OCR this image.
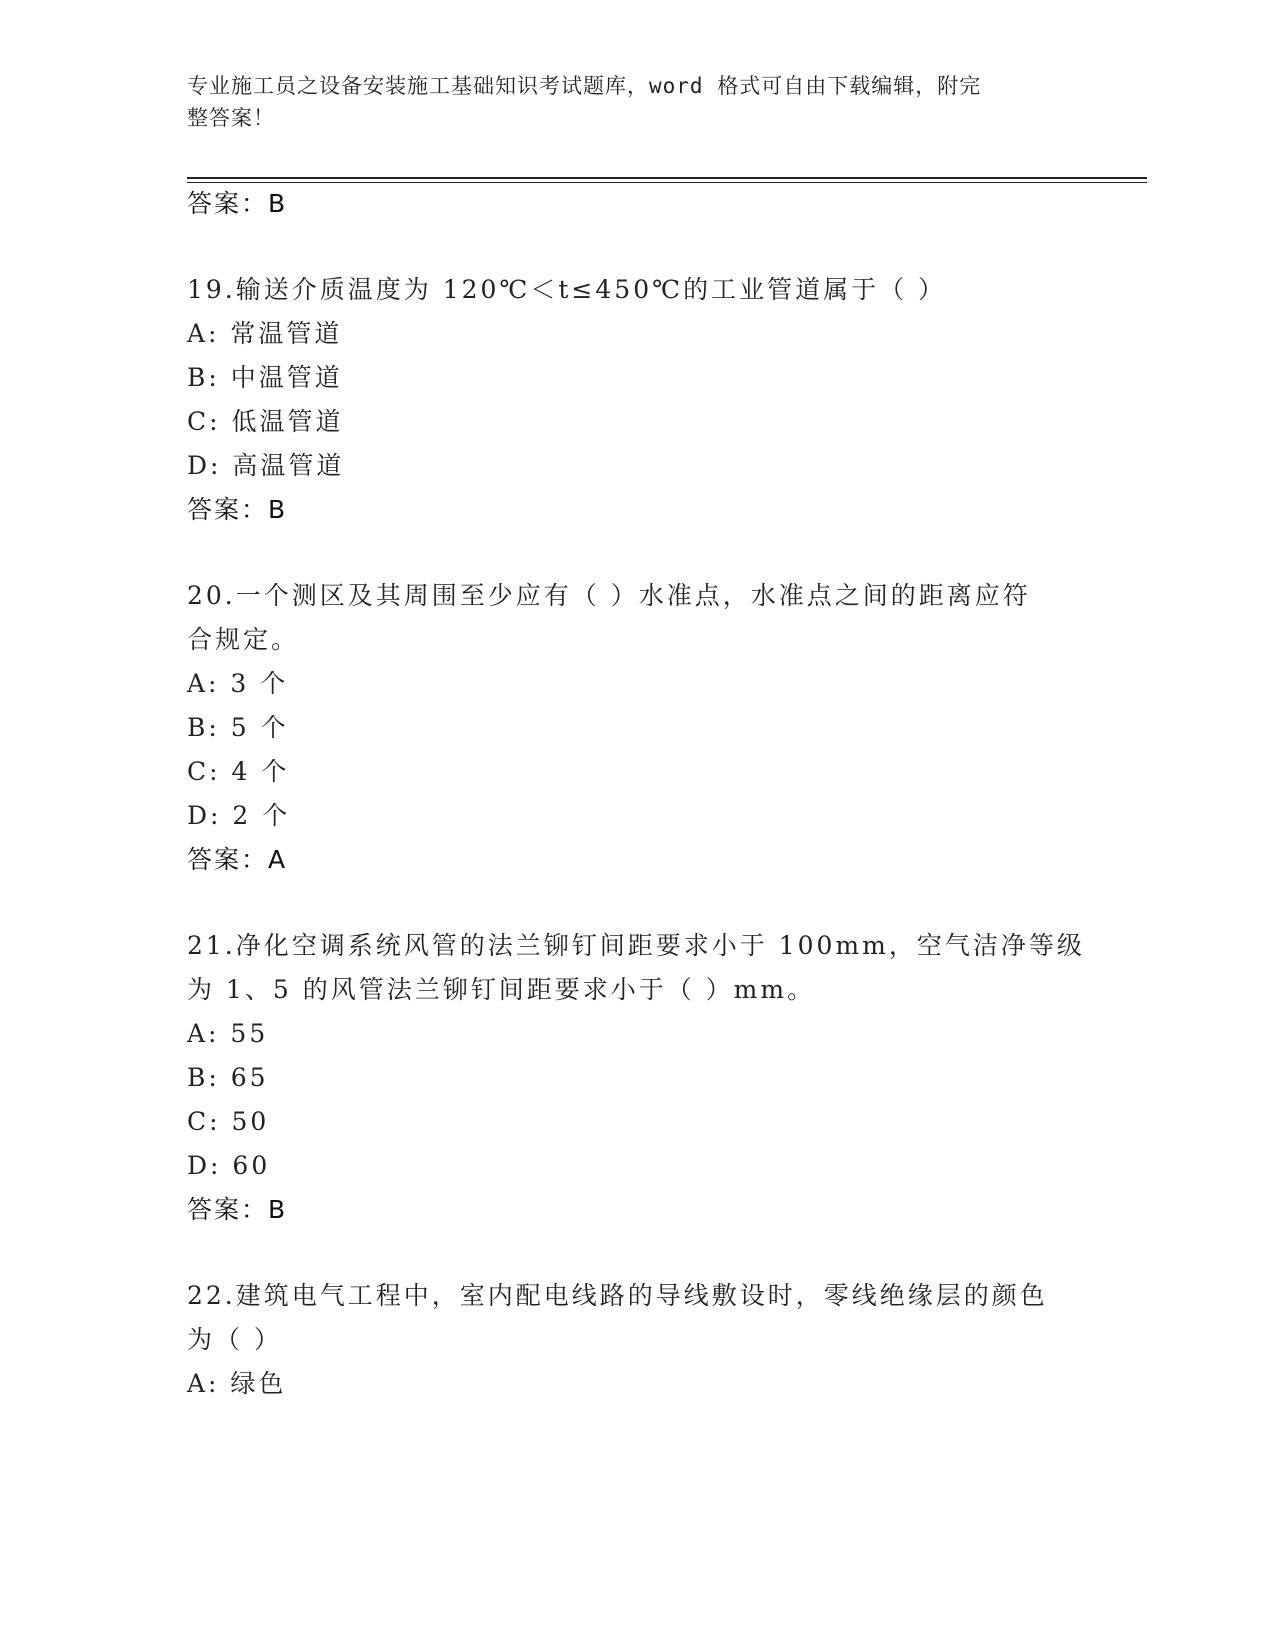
专业施工员之设备安装施工基础知识考试题库，word 格式可自由下载编辑，附完
整答案！
答案：B
19.输送介质温度为 120℃＜t≤450℃的工业管道属于（ ）
A: 常温管道
B: 中温管道
C: 低温管道
D: 高温管道
答案：B
20.一个测区及其周围至少应有（ ）水准点，水准点之间的距离应符
合规定。
A: 3 个
B: 5 个
C: 4 个
D: 2 个
答案：A
21.净化空调系统风管的法兰铆钉间距要求小于 100mm，空气洁净等级
为 1、5 的风管法兰铆钉间距要求小于（ ）mm。
A: 55
B: 65
C: 50
D: 60
答案：B
22.建筑电气工程中，室内配电线路的导线敷设时，零线绝缘层的颜色
为（ ）
A: 绿色
